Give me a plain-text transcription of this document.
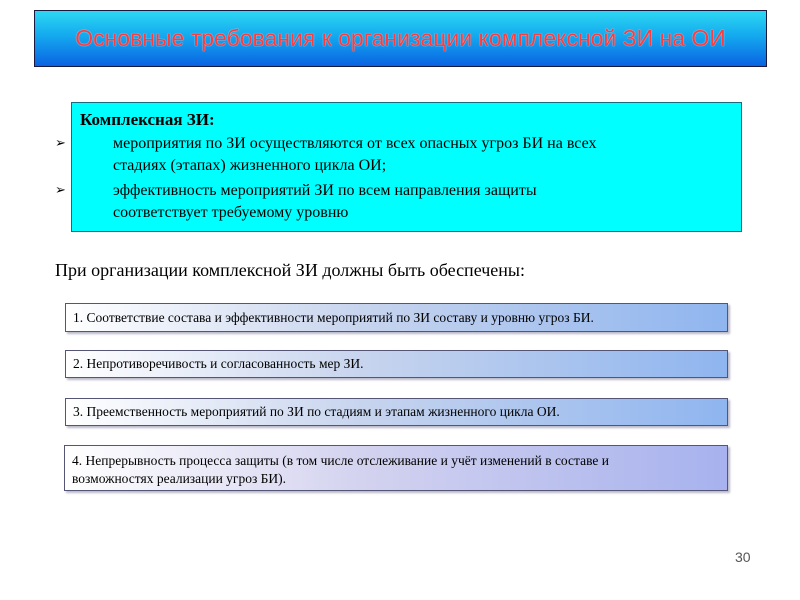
Основные требования к организации комплексной ЗИ на ОИ
Комплексная ЗИ:
➢	мероприятия по ЗИ осуществляются от всех опасных угроз БИ на всех
стадиях (этапах) жизненного цикла ОИ;
➢	эффективность мероприятий ЗИ по всем направления защиты
соответствует требуемому уровню
При организации комплексной ЗИ должны быть обеспечены:
1. Соответствие состава и эффективности мероприятий по ЗИ составу и уровню угроз БИ.
2. Непротиворечивость и согласованность мер ЗИ.
3. Преемственность мероприятий по ЗИ по стадиям и этапам жизненного цикла ОИ.
4. Непрерывность процесса защиты (в том числе отслеживание и учёт изменений в составе и
возможностях реализации угроз БИ).
30
